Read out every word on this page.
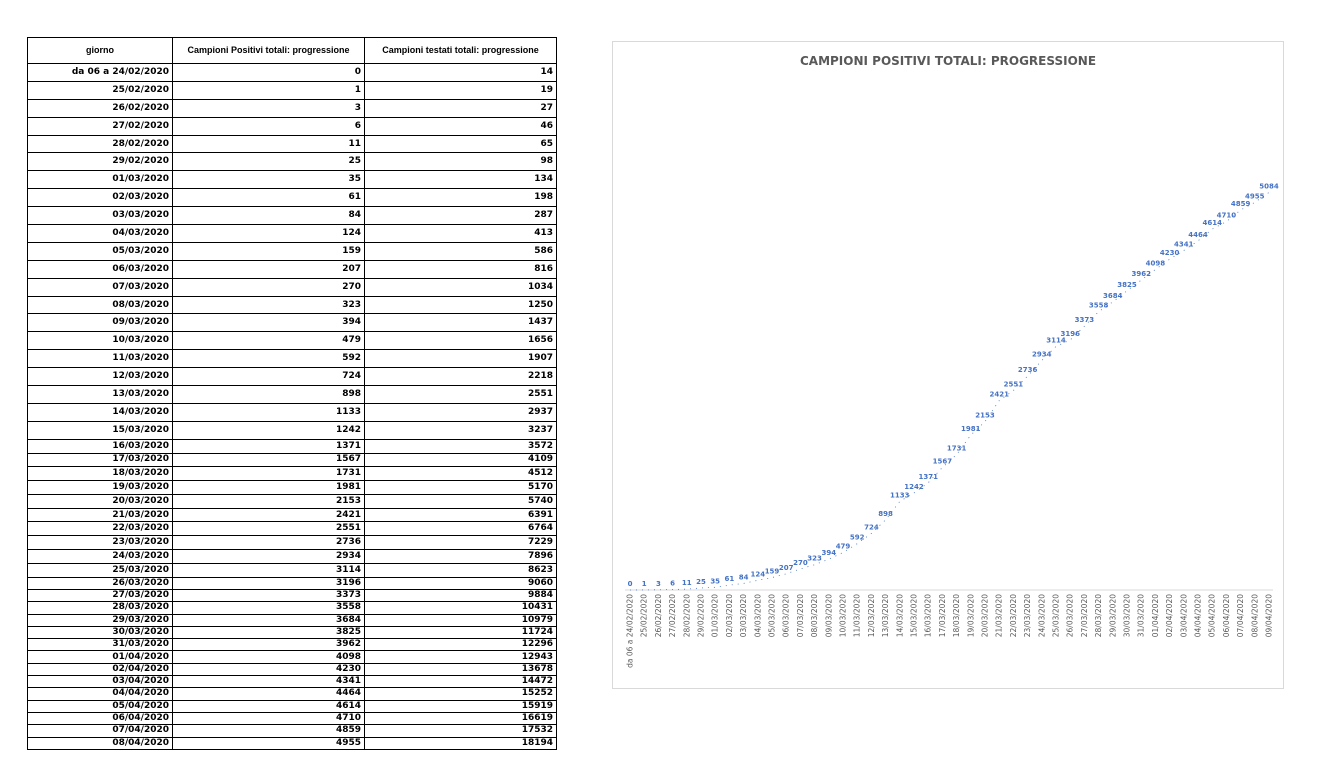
giorno	Campioni Positivi totali: progressione	Campioni testati totali: progressione
da 06 a 24/02/2020	0	14
25/02/2020	1	19
26/02/2020	3	27
27/02/2020	6	46
28/02/2020	11	65
29/02/2020	25	98
01/03/2020	35	134
02/03/2020	61	198
03/03/2020	84	287
04/03/2020	124	413
05/03/2020	159	586
06/03/2020	207	816
07/03/2020	270	1034
08/03/2020	323	1250
09/03/2020	394	1437
10/03/2020	479	1656
11/03/2020	592	1907
12/03/2020	724	2218
13/03/2020	898	2551
14/03/2020	1133	2937
15/03/2020	1242	3237
16/03/2020	1371	3572
17/03/2020	1567	4109
18/03/2020	1731	4512
19/03/2020	1981	5170
20/03/2020	2153	5740
21/03/2020	2421	6391
22/03/2020	2551	6764
23/03/2020	2736	7229
24/03/2020	2934	7896
25/03/2020	3114	8623
26/03/2020	3196	9060
27/03/2020	3373	9884
28/03/2020	3558	10431
29/03/2020	3684	10979
30/03/2020	3825	11724
31/03/2020	3962	12296
01/04/2020	4098	12943
02/04/2020	4230	13678
03/04/2020	4341	14472
04/04/2020	4464	15252
05/04/2020	4614	15919
06/04/2020	4710	16619
07/04/2020	4859	17532
08/04/2020	4955	18194
CAMPIONI POSITIVI TOTALI: PROGRESSIONE
0 1 3 6 11 25 35 61 84 124 159 207
270
323
394
479
592
724
898
1133
1242
1371
1567
1731
1981
2153
2421
2551
2736
2934
3114
3196
3373
3558
3684
3825
3962
4098
4230
4341
4464
4614
4710
4859
4955
5084
da 06 a 24/02/2020 25/02/2020 26/02/2020 27/02/2020 28/02/2020 29/02/2020 01/03/2020 02/03/2020 03/03/2020 04/03/2020 05/03/2020 06/03/2020 07/03/2020 08/03/2020 09/03/2020 10/03/2020 11/03/2020 12/03/2020 13/03/2020 14/03/2020 15/03/2020 16/03/2020 17/03/2020 18/03/2020 19/03/2020 20/03/2020 21/03/2020 22/03/2020 23/03/2020 24/03/2020 25/03/2020 26/03/2020 27/03/2020 28/03/2020 29/03/2020 30/03/2020 31/03/2020 01/04/2020 02/04/2020 03/04/2020 04/04/2020 05/04/2020 06/04/2020 07/04/2020 08/04/2020 09/04/2020
